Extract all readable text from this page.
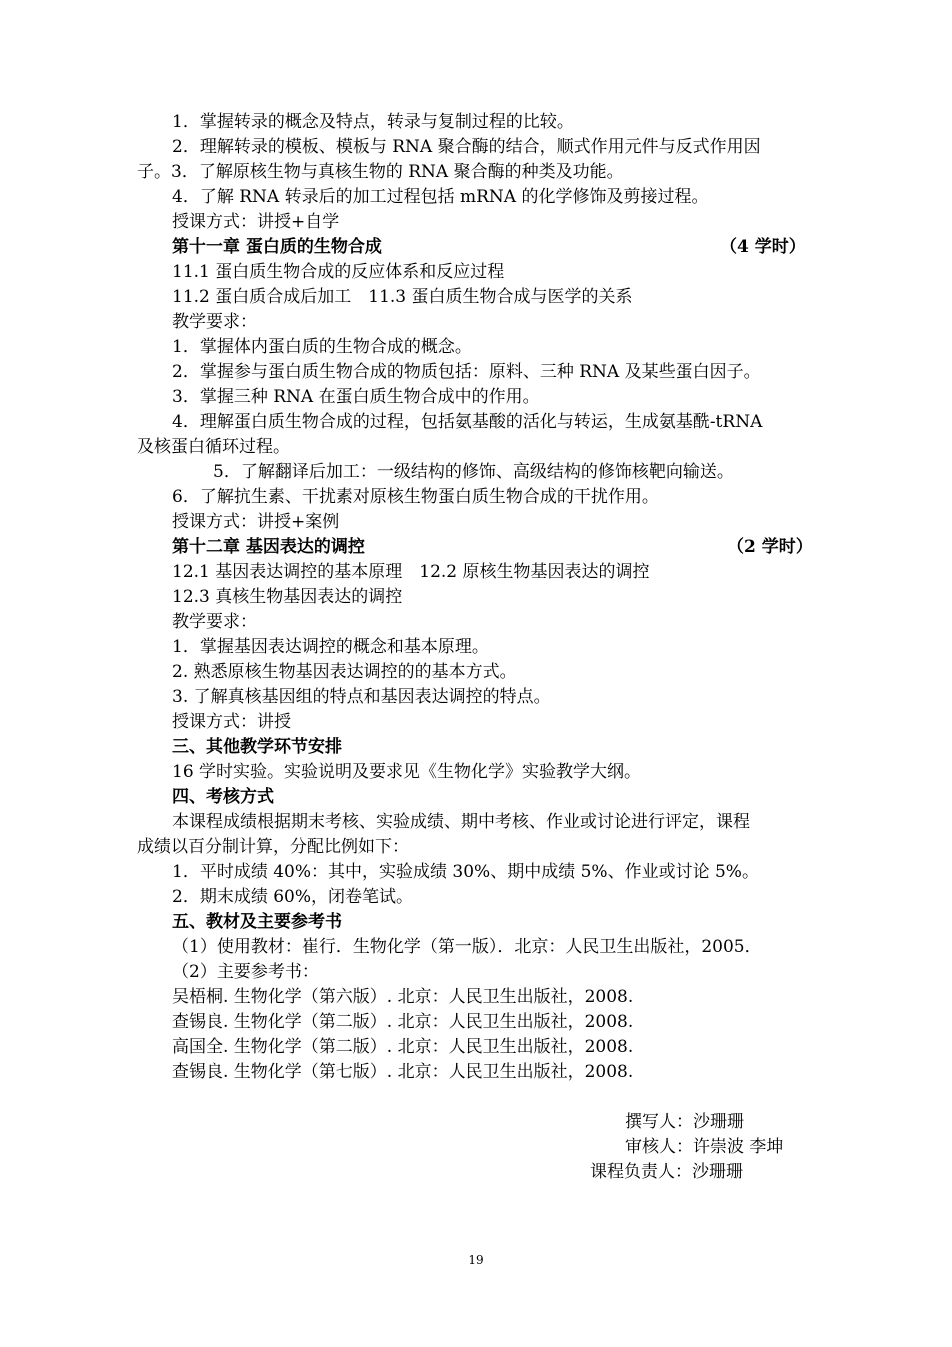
1．掌握转录的概念及特点，转录与复制过程的比较。

2．理解转录的模板、模板与 RNA 聚合酶的结合，顺式作用元件与反式作用因

子。3．了解原核生物与真核生物的 RNA 聚合酶的种类及功能。

4．了解 RNA 转录后的加工过程包括 mRNA 的化学修饰及剪接过程。

授课方式：讲授+自学

第十一章 蛋白质的生物合成	（4 学时）

11.1 蛋白质生物合成的反应体系和反应过程

11.2 蛋白质合成后加工　11.3 蛋白质生物合成与医学的关系

教学要求：

1．掌握体内蛋白质的生物合成的概念。

2．掌握参与蛋白质生物合成的物质包括：原料、三种 RNA 及某些蛋白因子。

3．掌握三种 RNA 在蛋白质生物合成中的作用。

4．理解蛋白质生物合成的过程，包括氨基酸的活化与转运，生成氨基酰-tRNA

及核蛋白循环过程。

5．了解翻译后加工：一级结构的修饰、高级结构的修饰核靶向输送。

6．了解抗生素、干扰素对原核生物蛋白质生物合成的干扰作用。

授课方式：讲授+案例

第十二章 基因表达的调控	（2 学时）

12.1 基因表达调控的基本原理　12.2 原核生物基因表达的调控

12.3 真核生物基因表达的调控

教学要求：

1．掌握基因表达调控的概念和基本原理。

2. 熟悉原核生物基因表达调控的的基本方式。

3. 了解真核基因组的特点和基因表达调控的特点。

授课方式：讲授

三、其他教学环节安排

16 学时实验。实验说明及要求见《生物化学》实验教学大纲。

四、考核方式

本课程成绩根据期末考核、实验成绩、期中考核、作业或讨论进行评定，课程

成绩以百分制计算，分配比例如下：

1．平时成绩 40%：其中，实验成绩 30%、期中成绩 5%、作业或讨论 5%。

2．期末成绩 60%，闭卷笔试。

五、教材及主要参考书

（1）使用教材：崔行．生物化学（第一版）．北京：人民卫生出版社，2005．

（2）主要参考书：

吴梧桐. 生物化学（第六版）. 北京：人民卫生出版社，2008.

查锡良. 生物化学（第二版）. 北京：人民卫生出版社，2008.

高国全. 生物化学（第二版）. 北京：人民卫生出版社，2008.

查锡良. 生物化学（第七版）. 北京：人民卫生出版社，2008.

撰写人：沙珊珊
审核人：许崇波 李坤
课程负责人：沙珊珊
19
